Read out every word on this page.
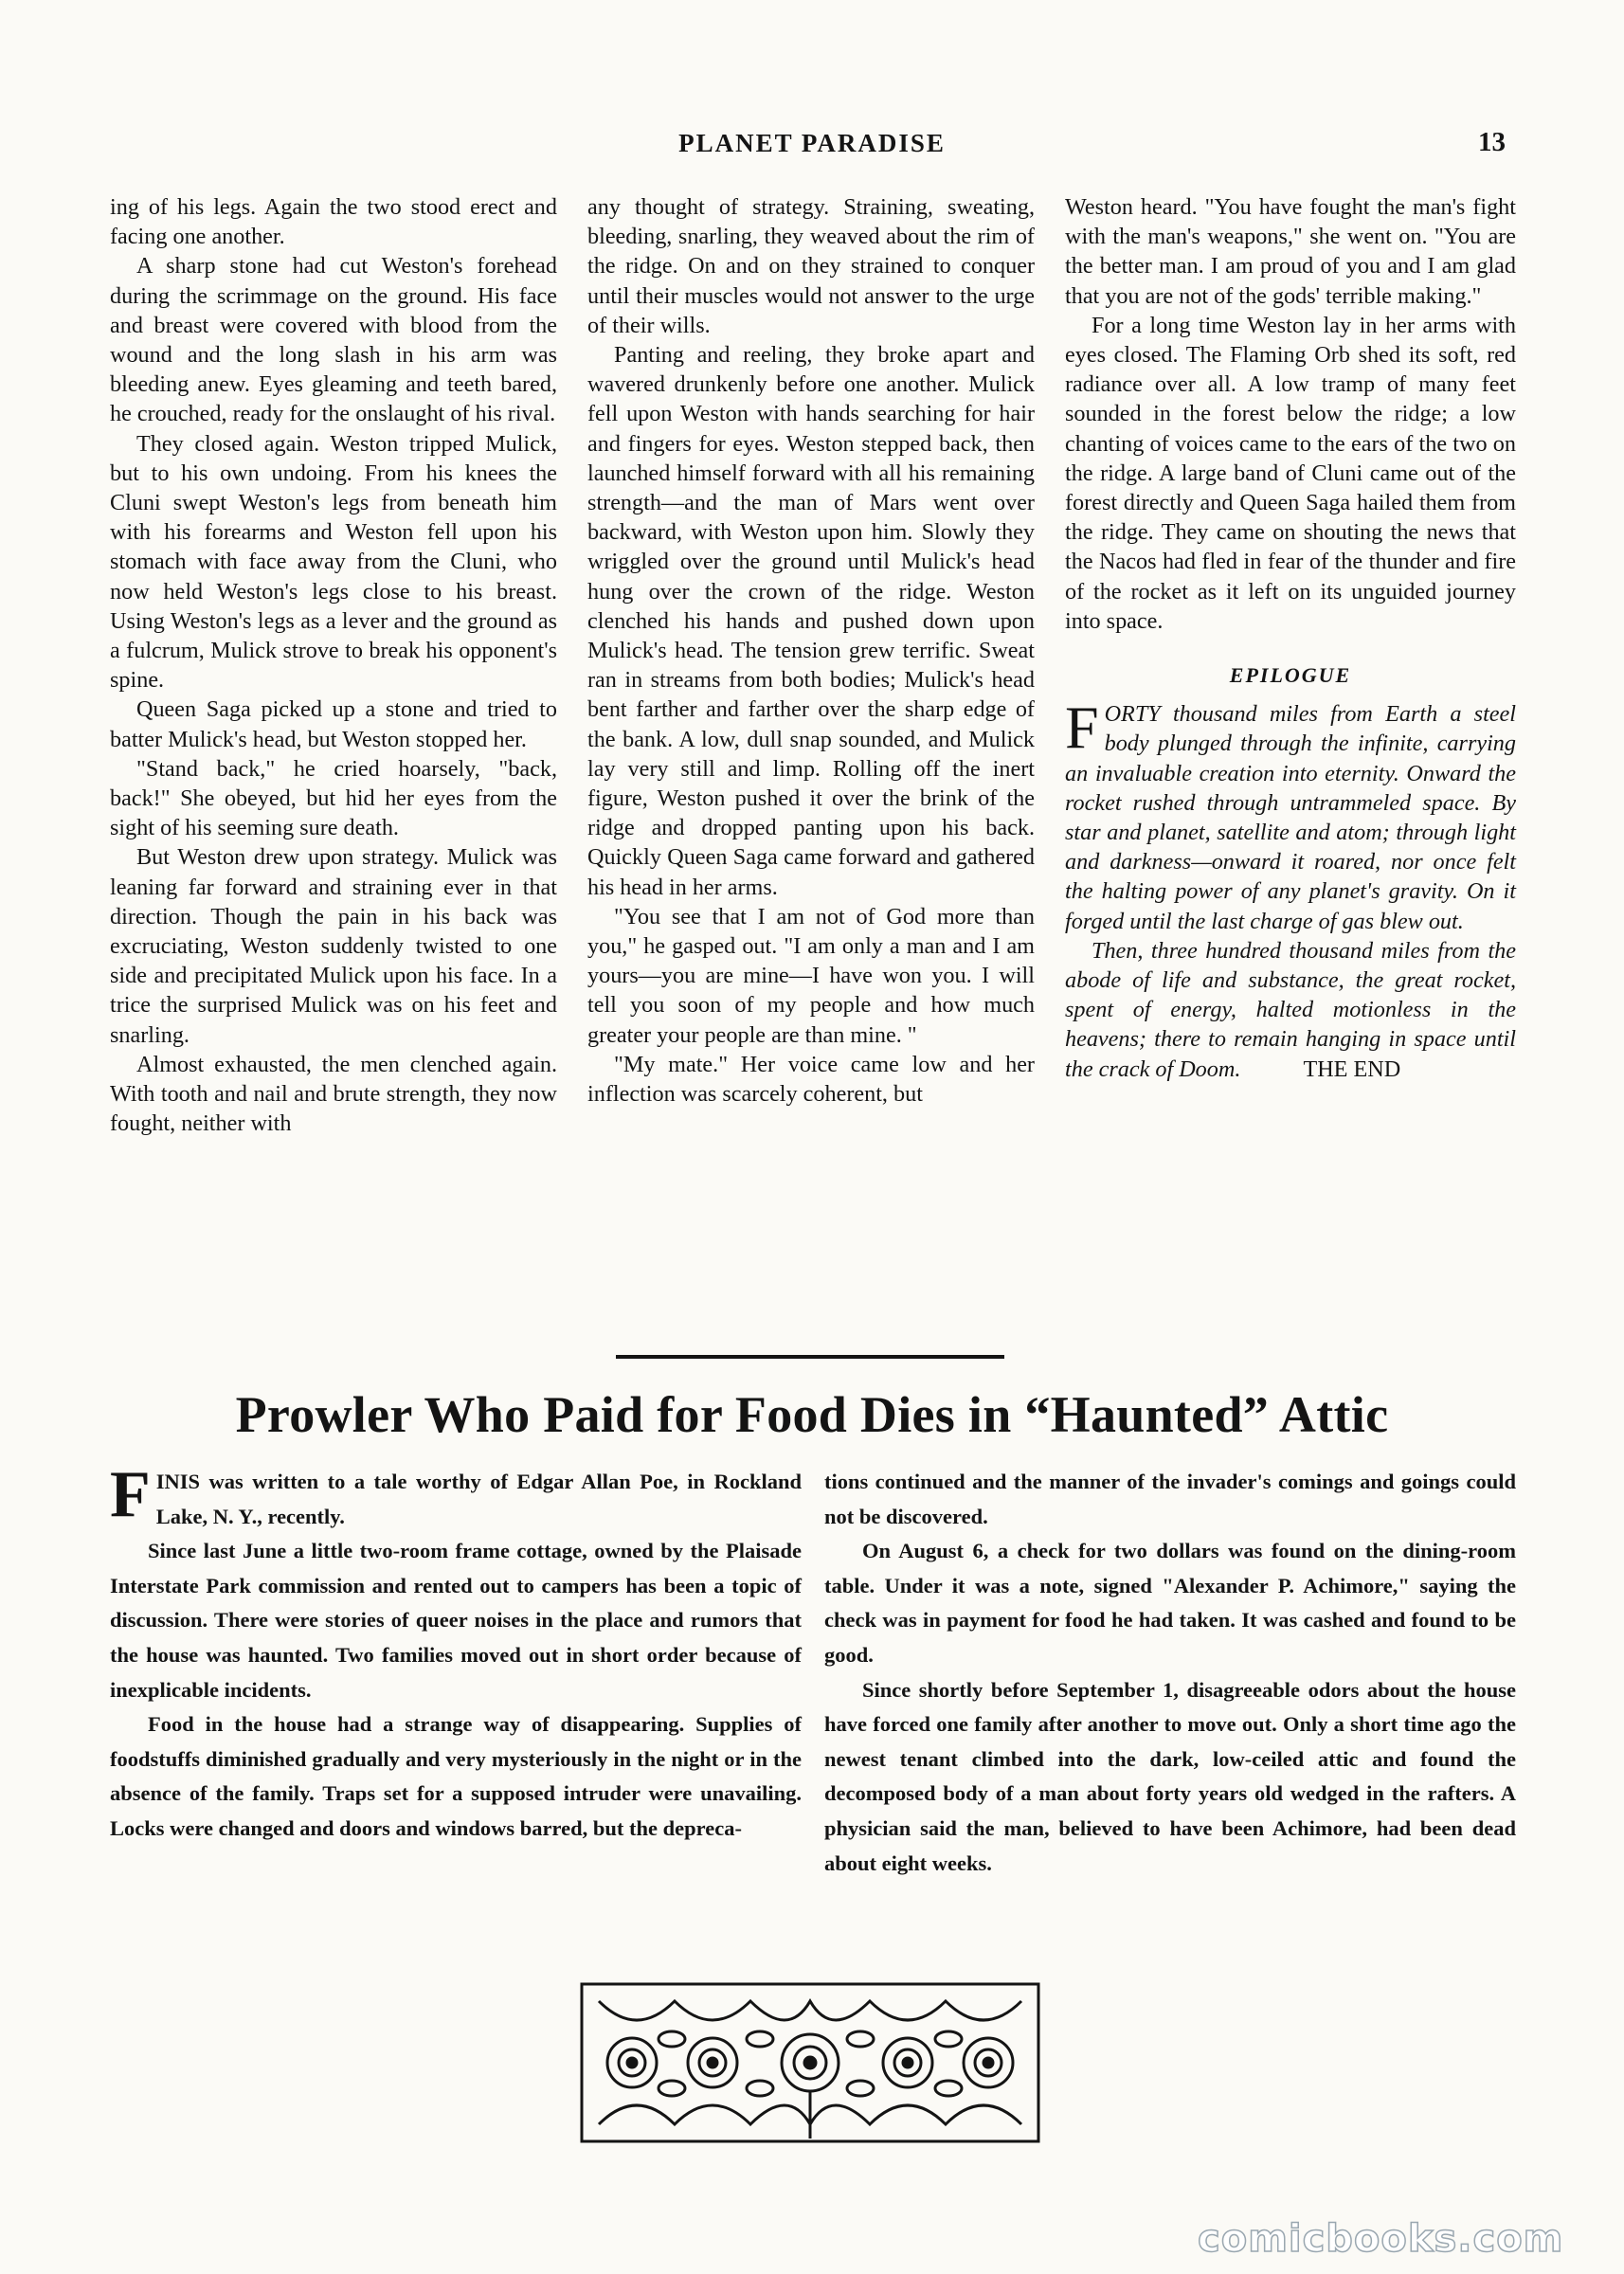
PLANET PARADISE	13

ing of his legs. Again the two stood erect and facing one another.

A sharp stone had cut Weston's forehead during the scrimmage on the ground. His face and breast were covered with blood from the wound and the long slash in his arm was bleeding anew. Eyes gleaming and teeth bared, he crouched, ready for the onslaught of his rival.

They closed again. Weston tripped Mulick, but to his own undoing. From his knees the Cluni swept Weston's legs from beneath him with his forearms and Weston fell upon his stomach with face away from the Cluni, who now held Weston's legs close to his breast. Using Weston's legs as a lever and the ground as a fulcrum, Mulick strove to break his opponent's spine.

Queen Saga picked up a stone and tried to batter Mulick's head, but Weston stopped her.

"Stand back," he cried hoarsely, "back, back!" She obeyed, but hid her eyes from the sight of his seeming sure death.

But Weston drew upon strategy. Mulick was leaning far forward and straining ever in that direction. Though the pain in his back was excruciating, Weston suddenly twisted to one side and precipitated Mulick upon his face. In a trice the surprised Mulick was on his feet and snarling.

Almost exhausted, the men clenched again. With tooth and nail and brute strength, they now fought, neither with

any thought of strategy. Straining, sweating, bleeding, snarling, they weaved about the rim of the ridge. On and on they strained to conquer until their muscles would not answer to the urge of their wills.

Panting and reeling, they broke apart and wavered drunkenly before one another. Mulick fell upon Weston with hands searching for hair and fingers for eyes. Weston stepped back, then launched himself forward with all his remaining strength—and the man of Mars went over backward, with Weston upon him. Slowly they wriggled over the ground until Mulick's head hung over the crown of the ridge. Weston clenched his hands and pushed down upon Mulick's head. The tension grew terrific. Sweat ran in streams from both bodies; Mulick's head bent farther and farther over the sharp edge of the bank. A low, dull snap sounded, and Mulick lay very still and limp. Rolling off the inert figure, Weston pushed it over the brink of the ridge and dropped panting upon his back. Quickly Queen Saga came forward and gathered his head in her arms.

"You see that I am not of God more than you," he gasped out. "I am only a man and I am yours—you are mine—I have won you. I will tell you soon of my people and how much greater your people are than mine. "

"My mate." Her voice came low and her inflection was scarcely coherent, but

Weston heard. "You have fought the man's fight with the man's weapons," she went on. "You are the better man. I am proud of you and I am glad that you are not of the gods' terrible making."

For a long time Weston lay in her arms with eyes closed. The Flaming Orb shed its soft, red radiance over all. A low tramp of many feet sounded in the forest below the ridge; a low chanting of voices came to the ears of the two on the ridge. A large band of Cluni came out of the forest directly and Queen Saga hailed them from the ridge. They came on shouting the news that the Nacos had fled in fear of the thunder and fire of the rocket as it left on its unguided journey into space.

EPILOGUE

FORTY thousand miles from Earth a steel body plunged through the infinite, carrying an invaluable creation into eternity. Onward the rocket rushed through untrammeled space. By star and planet, satellite and atom; through light and darkness—onward it roared, nor once felt the halting power of any planet's gravity. On it forged until the last charge of gas blew out.

Then, three hundred thousand miles from the abode of life and substance, the great rocket, spent of energy, halted motionless in the heavens; there to remain hanging in space until the crack of Doom.	THE END

Prowler Who Paid for Food Dies in “Haunted” Attic

FINIS was written to a tale worthy of Edgar Allan Poe, in Rockland Lake, N. Y., recently.

Since last June a little two-room frame cottage, owned by the Plaisade Interstate Park commission and rented out to campers has been a topic of discussion. There were stories of queer noises in the place and rumors that the house was haunted. Two families moved out in short order because of inexplicable incidents.

Food in the house had a strange way of disappearing. Supplies of foodstuffs diminished gradually and very mysteriously in the night or in the absence of the family. Traps set for a supposed intruder were unavailing. Locks were changed and doors and windows barred, but the depreca-

tions continued and the manner of the invader's comings and goings could not be discovered.

On August 6, a check for two dollars was found on the dining-room table. Under it was a note, signed "Alexander P. Achimore," saying the check was in payment for food he had taken. It was cashed and found to be good.

Since shortly before September 1, disagreeable odors about the house have forced one family after another to move out. Only a short time ago the newest tenant climbed into the dark, low-ceiled attic and found the decomposed body of a man about forty years old wedged in the rafters. A physician said the man, believed to have been Achimore, had been dead about eight weeks.

comicbooks.com
